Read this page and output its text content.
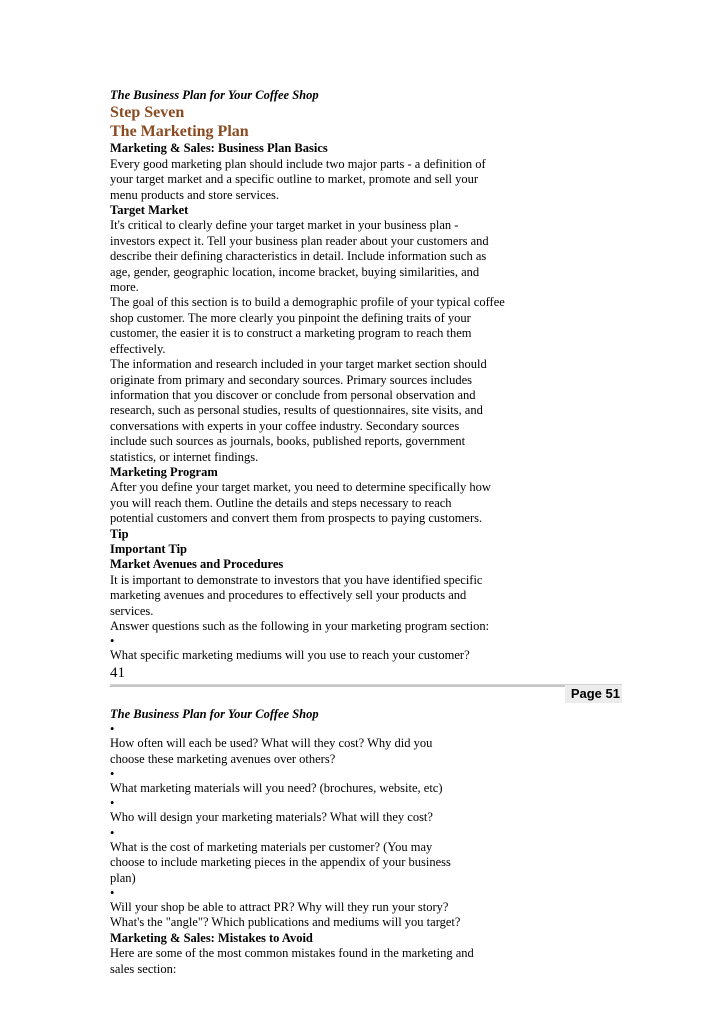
The Business Plan for Your Coffee Shop
Step Seven
The Marketing Plan
Marketing & Sales: Business Plan Basics
Every good marketing plan should include two major parts - a definition of
your target market and a specific outline to market, promote and sell your
menu products and store services.
Target Market
It's critical to clearly define your target market in your business plan -
investors expect it. Tell your business plan reader about your customers and
describe their defining characteristics in detail. Include information such as
age, gender, geographic location, income bracket, buying similarities, and
more.
The goal of this section is to build a demographic profile of your typical coffee
shop customer. The more clearly you pinpoint the defining traits of your
customer, the easier it is to construct a marketing program to reach them
effectively.
The information and research included in your target market section should
originate from primary and secondary sources. Primary sources includes
information that you discover or conclude from personal observation and
research, such as personal studies, results of questionnaires, site visits, and
conversations with experts in your coffee industry. Secondary sources
include such sources as journals, books, published reports, government
statistics, or internet findings.
Marketing Program
After you define your target market, you need to determine specifically how
you will reach them. Outline the details and steps necessary to reach
potential customers and convert them from prospects to paying customers.
Tip
Important Tip
Market Avenues and Procedures
It is important to demonstrate to investors that you have identified specific
marketing avenues and procedures to effectively sell your products and
services.
Answer questions such as the following in your marketing program section:
•
What specific marketing mediums will you use to reach your customer?
41
Page 51
The Business Plan for Your Coffee Shop
•
How often will each be used? What will they cost? Why did you
choose these marketing avenues over others?
•
What marketing materials will you need? (brochures, website, etc)
•
Who will design your marketing materials? What will they cost?
•
What is the cost of marketing materials per customer? (You may
choose to include marketing pieces in the appendix of your business
plan)
•
Will your shop be able to attract PR? Why will they run your story?
What's the "angle"? Which publications and mediums will you target?
Marketing & Sales: Mistakes to Avoid
Here are some of the most common mistakes found in the marketing and
sales section:
